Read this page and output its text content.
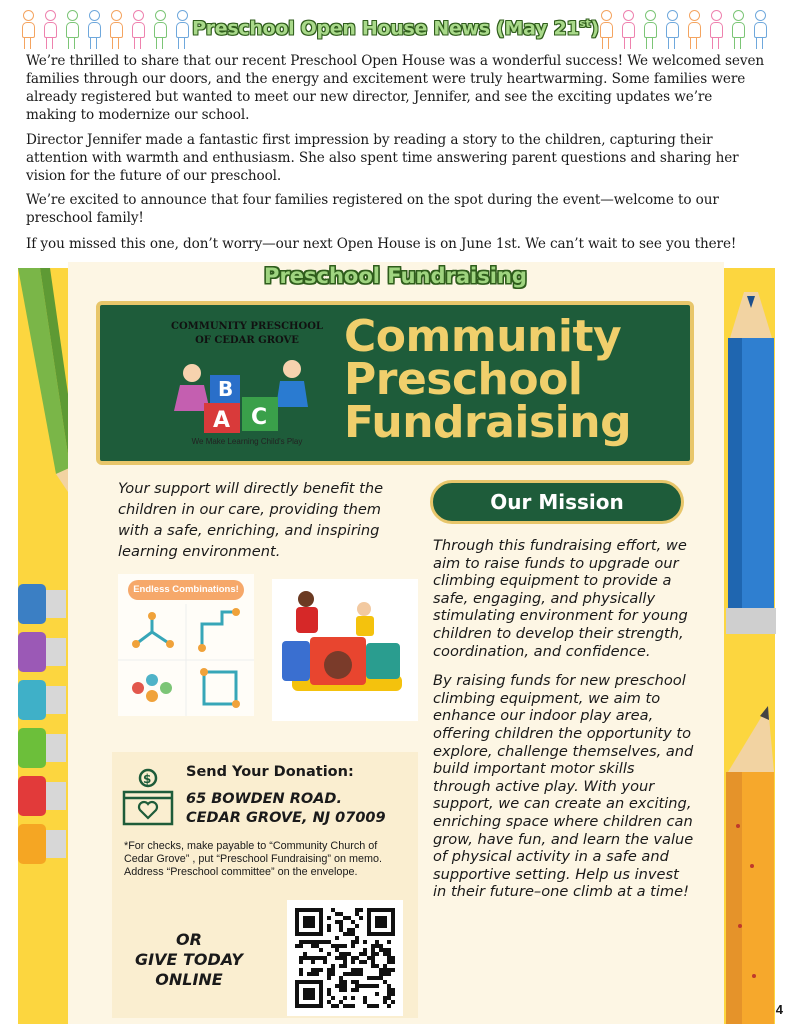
Preschool Open House News (May 21st)

We’re thrilled to share that our recent Preschool Open House was a wonderful success! We welcomed seven families through our doors, and the energy and excitement were truly heartwarming. Some families were already registered but wanted to meet our new director, Jennifer, and see the exciting updates we’re making to modernize our school.

Director Jennifer made a fantastic first impression by reading a story to the children, capturing their attention with warmth and enthusiasm. She also spent time answering parent questions and sharing her vision for the future of our preschool.

We’re excited to announce that four families registered on the spot during the event—welcome to our preschool family!

If you missed this one, don’t worry—our next Open House is on June 1st. We can’t wait to see you there!

Preschool Fundraising
COMMUNITY PRESCHOOL
OF CEDAR GROVE
B
A C
We Make Learning Child's Play
Community
Preschool
Fundraising
Your support will directly benefit the children in our care, providing them with a safe, enriching, and inspiring learning environment.
Our Mission

Through this fundraising effort, we aim to raise funds to upgrade our climbing equipment to provide a safe, engaging, and physically stimulating environment for young children to develop their strength, coordination, and confidence.

By raising funds for new preschool climbing equipment, we aim to enhance our indoor play area, offering children the opportunity to explore, challenge themselves, and build important motor skills through active play. With your support, we can create an exciting, enriching space where children can grow, have fun, and learn the value of physical activity in a safe and supportive setting. Help us invest in their future–one climb at a time!

Endless Combinations!
$ Send Your Donation:
65 BOWDEN ROAD.
CEDAR GROVE, NJ 07009
*For checks, make payable to “Community Church of Cedar Grove” , put “Preschool Fundraising” on memo. Address “Preschool committee” on the envelope.
OR
GIVE TODAY
ONLINE
4
